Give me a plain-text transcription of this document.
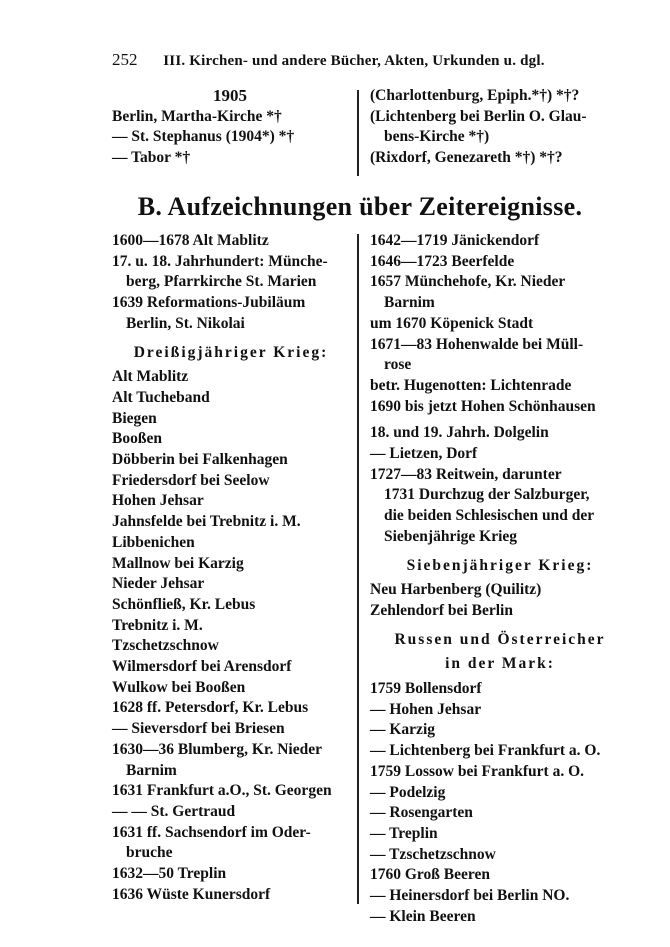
252 III. Kirchen- und andere Bücher, Akten, Urkunden u. dgl.
1905
Berlin, Martha-Kirche *†
— St. Stephanus (1904*) *†
— Tabor *†
(Charlottenburg, Epiph.*†) *†?
(Lichtenberg bei Berlin O. Glau-
bens-Kirche *†)
(Rixdorf, Genezareth *†) *†?
B. Aufzeichnungen über Zeitereignisse.
1600—1678 Alt Mablitz
17. u. 18. Jahrhundert: Münche-
berg, Pfarrkirche St. Marien
1639 Reformations-Jubiläum
Berlin, St. Nikolai
Dreißigjähriger Krieg:
Alt Mablitz
Alt Tucheband
Biegen
Booßen
Döbberin bei Falkenhagen
Friedersdorf bei Seelow
Hohen Jehsar
Jahnsfelde bei Trebnitz i. M.
Libbenichen
Mallnow bei Karzig
Nieder Jehsar
Schönfließ, Kr. Lebus
Trebnitz i. M.
Tzschetzschnow
Wilmersdorf bei Arensdorf
Wulkow bei Booßen
1628 ff. Petersdorf, Kr. Lebus
— Sieversdorf bei Briesen
1630—36 Blumberg, Kr. Nieder
Barnim
1631 Frankfurt a.O., St. Georgen
— — St. Gertraud
1631 ff. Sachsendorf im Oder-
bruche
1632—50 Treplin
1636 Wüste Kunersdorf
1642—1719 Jänickendorf
1646—1723 Beerfelde
1657 Münchehofe, Kr. Nieder
Barnim
um 1670 Köpenick Stadt
1671—83 Hohenwalde bei Müll-
rose
betr. Hugenotten: Lichtenrade
1690 bis jetzt Hohen Schönhausen
18. und 19. Jahrh. Dolgelin
— Lietzen, Dorf
1727—83 Reitwein, darunter
1731 Durchzug der Salzburger,
die beiden Schlesischen und der
Siebenjährige Krieg
Siebenjähriger Krieg:
Neu Harbenberg (Quilitz)
Zehlendorf bei Berlin
Russen und Österreicher
in der Mark:
1759 Bollensdorf
— Hohen Jehsar
— Karzig
— Lichtenberg bei Frankfurt a. O.
1759 Lossow bei Frankfurt a. O.
— Podelzig
— Rosengarten
— Treplin
— Tzschetzschnow
1760 Groß Beeren
— Heinersdorf bei Berlin NO.
— Klein Beeren
